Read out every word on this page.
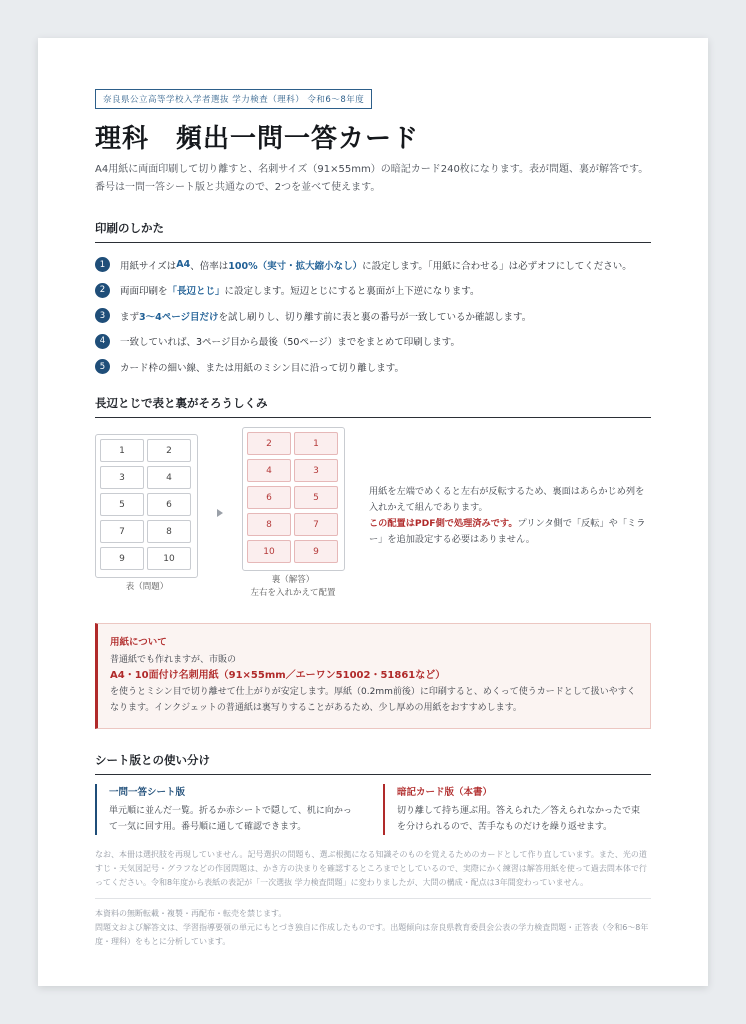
奈良県公立高等学校入学者選抜 学力検査（理科） 令和6〜8年度
理科　頻出一問一答カード

A4用紙に両面印刷して切り離すと、名刺サイズ（91×55mm）の暗記カード240枚になります。表が問題、裏が解答です。番号は一問一答シート版と共通なので、2つを並べて使えます。

印刷のしかた
1	用紙サイズは A4 、倍率は 100%（実寸・拡大縮小なし） に設定します。「用紙に合わせる」は必ずオフにしてください。
2	両面印刷を 「長辺とじ」 に設定します。短辺とじにすると裏面が上下逆になります。
3	まず 3〜4ページ目だけ を試し刷りし、切り離す前に表と裏の番号が一致しているか確認します。
4	一致していれば、3ページ目から最後（50ページ）までをまとめて印刷します。
5	カード枠の細い線、または用紙のミシン目に沿って切り離します。
長辺とじで表と裏がそろうしくみ
1	2
3	4
5	6
7	8
9	10
表（問題）
2	1
4	3
6	5
8	7
10	9
裏（解答）
左右を入れかえて配置

用紙を左端でめくると左右が反転するため、裏面はあらかじめ列を入れかえて組んであります。
この配置はPDF側で処理済みです。プリンタ側で「反転」や「ミラー」を追加設定する必要はありません。

用紙について

普通紙でも作れますが、市販の

A4・10面付け名刺用紙（91×55mm／エーワン51002・51861など）

を使うとミシン目で切り離せて仕上がりが安定します。厚紙（0.2mm前後）に印刷すると、めくって使うカードとして扱いやすくなります。インクジェットの普通紙は裏写りすることがあるため、少し厚めの用紙をおすすめします。

シート版との使い分け
一問一答シート版

単元順に並んだ一覧。折るか赤シートで隠して、机に向かって一気に回す用。番号順に通して確認できます。

暗記カード版（本書）

切り離して持ち運ぶ用。答えられた／答えられなかったで束を分けられるので、苦手なものだけを繰り返せます。

なお、本冊は選択肢を再現していません。記号選択の問題も、選ぶ根拠になる知識そのものを覚えるためのカードとして作り直しています。また、光の道すじ・天気図記号・グラフなどの作図問題は、かき方の決まりを確認するところまでとしているので、実際にかく練習は解答用紙を使って過去問本体で行ってください。令和8年度から表紙の表記が「一次選抜 学力検査問題」に変わりましたが、大問の構成・配点は3年間変わっていません。

本資料の無断転載・複製・再配布・転売を禁じます。

問題文および解答文は、学習指導要領の単元にもとづき独自に作成したものです。出題傾向は奈良県教育委員会公表の学力検査問題・正答表（令和6〜8年度・理科）をもとに分析しています。
